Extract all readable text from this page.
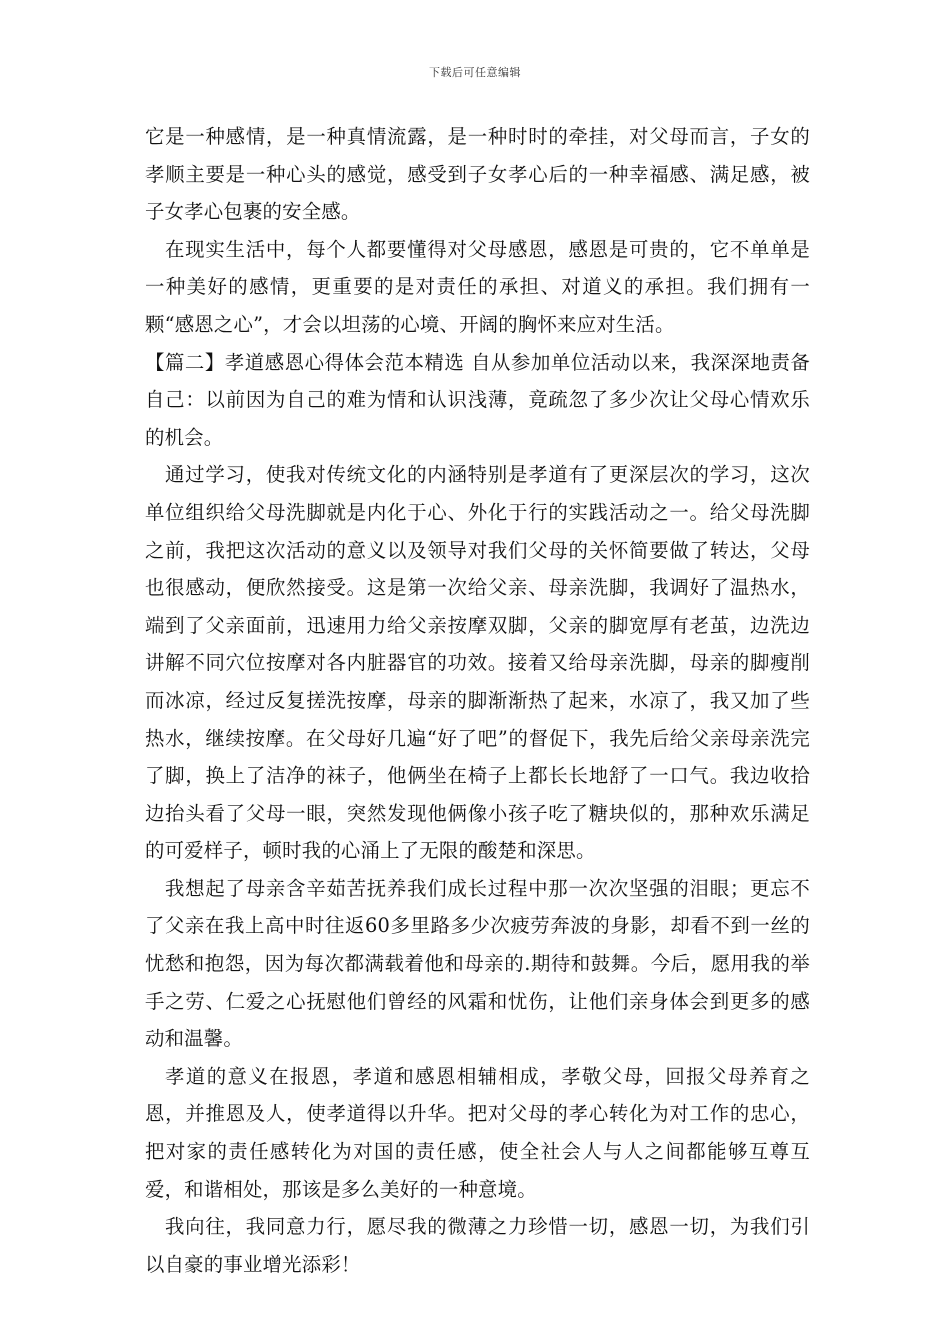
下载后可任意编辑

它是一种感情，是一种真情流露，是一种时时的牵挂，对父母而言，子女的孝顺主要是一种心头的感觉，感受到子女孝心后的一种幸福感、满足感，被子女孝心包裹的安全感。

在现实生活中，每个人都要懂得对父母感恩，感恩是可贵的，它不单单是一种美好的感情，更重要的是对责任的承担、对道义的承担。我们拥有一颗“感恩之心”，才会以坦荡的心境、开阔的胸怀来应对生活。

【篇二】孝道感恩心得体会范本精选 自从参加单位活动以来，我深深地责备自己：以前因为自己的难为情和认识浅薄，竟疏忽了多少次让父母心情欢乐的机会。

通过学习，使我对传统文化的内涵特别是孝道有了更深层次的学习，这次单位组织给父母洗脚就是内化于心、外化于行的实践活动之一。给父母洗脚之前，我把这次活动的意义以及领导对我们父母的关怀简要做了转达，父母也很感动，便欣然接受。这是第一次给父亲、母亲洗脚，我调好了温热水，端到了父亲面前，迅速用力给父亲按摩双脚，父亲的脚宽厚有老茧，边洗边讲解不同穴位按摩对各内脏器官的功效。接着又给母亲洗脚，母亲的脚瘦削而冰凉，经过反复搓洗按摩，母亲的脚渐渐热了起来，水凉了，我又加了些热水，继续按摩。在父母好几遍“好了吧”的督促下，我先后给父亲母亲洗完了脚，换上了洁净的袜子，他俩坐在椅子上都长长地舒了一口气。我边收拾边抬头看了父母一眼，突然发现他俩像小孩子吃了糖块似的，那种欢乐满足的可爱样子，顿时我的心涌上了无限的酸楚和深思。

我想起了母亲含辛茹苦抚养我们成长过程中那一次次坚强的泪眼；更忘不了父亲在我上高中时往返60多里路多少次疲劳奔波的身影，却看不到一丝的忧愁和抱怨，因为每次都满载着他和母亲的.期待和鼓舞。今后，愿用我的举手之劳、仁爱之心抚慰他们曾经的风霜和忧伤，让他们亲身体会到更多的感动和温馨。

孝道的意义在报恩，孝道和感恩相辅相成，孝敬父母，回报父母养育之恩，并推恩及人，使孝道得以升华。把对父母的孝心转化为对工作的忠心，把对家的责任感转化为对国的责任感，使全社会人与人之间都能够互尊互爱，和谐相处，那该是多么美好的一种意境。

我向往，我同意力行，愿尽我的微薄之力珍惜一切，感恩一切，为我们引以自豪的事业增光添彩！
